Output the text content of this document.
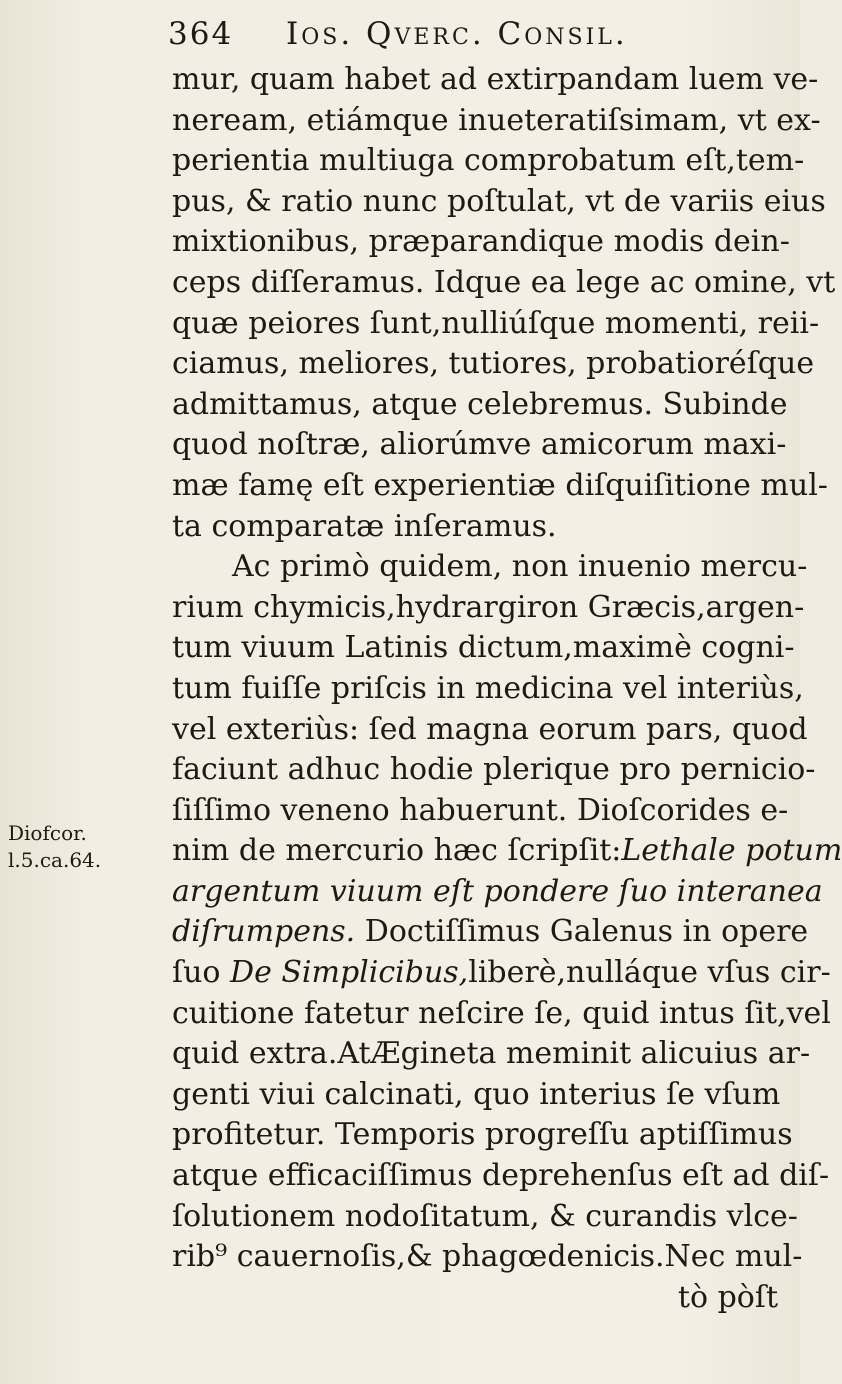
364 Ios. Qverc. Consil.
Diofcor.
l.5.ca.64.
mur, quam habet ad extirpandam luem ve-
neream, etiámque inueteratiſsimam, vt ex-
perientia multiuga comprobatum eſt,tem-
pus, & ratio nunc poſtulat, vt de variis eius
mixtionibus, præparandique modis dein-
ceps diſſeramus. Idque ea lege ac omine, vt
quæ peiores ſunt,nulliúſque momenti, reii-
ciamus, meliores, tutiores, probatioréſque
admittamus, atque celebremus. Subinde
quod noſtræ, aliorúmve amicorum maxi-
mæ famę eſt experientiæ diſquiſitione mul-
ta comparatæ inſeramus.
Ac primò quidem, non inuenio mercu-
rium chymicis,hydrargiron Græcis,argen-
tum viuum Latinis dictum,maximè cogni-
tum fuiſſe priſcis in medicina vel interiùs,
vel exteriùs: ſed magna eorum pars, quod
faciunt adhuc hodie plerique pro pernicio-
ſiſſimo veneno habuerunt. Dioſcorides e-
nim de mercurio hæc ſcripſit:Lethale potum
argentum viuum eſt pondere ſuo interanea
diſrumpens. Doctiſſimus Galenus in opere
ſuo De Simplicibus,liberè,nulláque vſus cir-
cuitione fatetur neſcire ſe, quid intus ſit,vel
quid extra.AtÆgineta meminit alicuius ar-
genti viui calcinati, quo interius ſe vſum
profitetur. Temporis progreſſu aptiſſimus
atque efficaciſſimus deprehenſus eſt ad diſ-
ſolutionem nodoſitatum, & curandis vlce-
rib⁹ cauernoſis,& phagœdenicis.Nec mul-
tò pòſt
